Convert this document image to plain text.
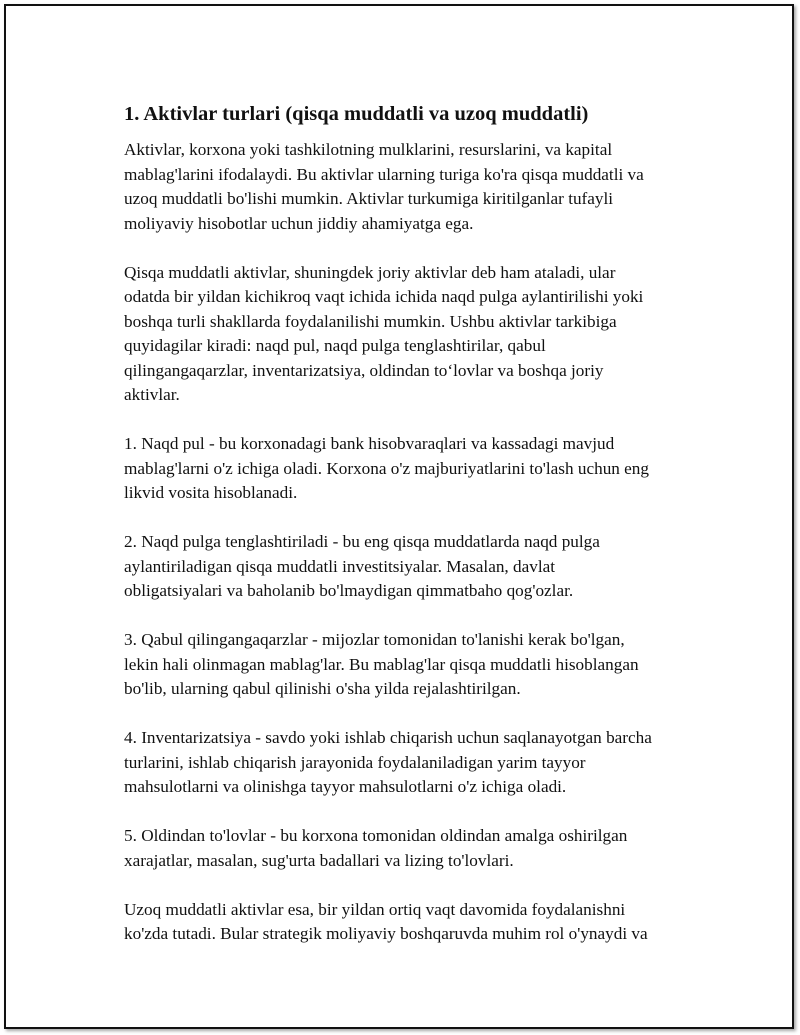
1. Aktivlar turlari (qisqa muddatli va uzoq muddatli)
Aktivlar, korxona yoki tashkilotning mulklarini, resurslarini, va kapital
mablag'larini ifodalaydi. Bu aktivlar ularning turiga ko'ra qisqa muddatli va
uzoq muddatli bo'lishi mumkin. Aktivlar turkumiga kiritilganlar tufayli
moliyaviy hisobotlar uchun jiddiy ahamiyatga ega.
Qisqa muddatli aktivlar, shuningdek joriy aktivlar deb ham ataladi, ular
odatda bir yildan kichikroq vaqt ichida ichida naqd pulga aylantirilishi yoki
boshqa turli shakllarda foydalanilishi mumkin. Ushbu aktivlar tarkibiga
quyidagilar kiradi: naqd pul, naqd pulga tenglashtirilar, qabul
qilingangaqarzlar, inventarizatsiya, oldindan to‘lovlar va boshqa joriy
aktivlar.
1. Naqd pul - bu korxonadagi bank hisobvaraqlari va kassadagi mavjud
mablag'larni o'z ichiga oladi. Korxona o'z majburiyatlarini to'lash uchun eng
likvid vosita hisoblanadi.
2. Naqd pulga tenglashtiriladi - bu eng qisqa muddatlarda naqd pulga
aylantiriladigan qisqa muddatli investitsiyalar. Masalan, davlat
obligatsiyalari va baholanib bo'lmaydigan qimmatbaho qog'ozlar.
3. Qabul qilingangaqarzlar - mijozlar tomonidan to'lanishi kerak bo'lgan,
lekin hali olinmagan mablag'lar. Bu mablag'lar qisqa muddatli hisoblangan
bo'lib, ularning qabul qilinishi o'sha yilda rejalashtirilgan.
4. Inventarizatsiya - savdo yoki ishlab chiqarish uchun saqlanayotgan barcha
turlarini, ishlab chiqarish jarayonida foydalaniladigan yarim tayyor
mahsulotlarni va olinishga tayyor mahsulotlarni o'z ichiga oladi.
5. Oldindan to'lovlar - bu korxona tomonidan oldindan amalga oshirilgan
xarajatlar, masalan, sug'urta badallari va lizing to'lovlari.
Uzoq muddatli aktivlar esa, bir yildan ortiq vaqt davomida foydalanishni
ko'zda tutadi. Bular strategik moliyaviy boshqaruvda muhim rol o'ynaydi va
